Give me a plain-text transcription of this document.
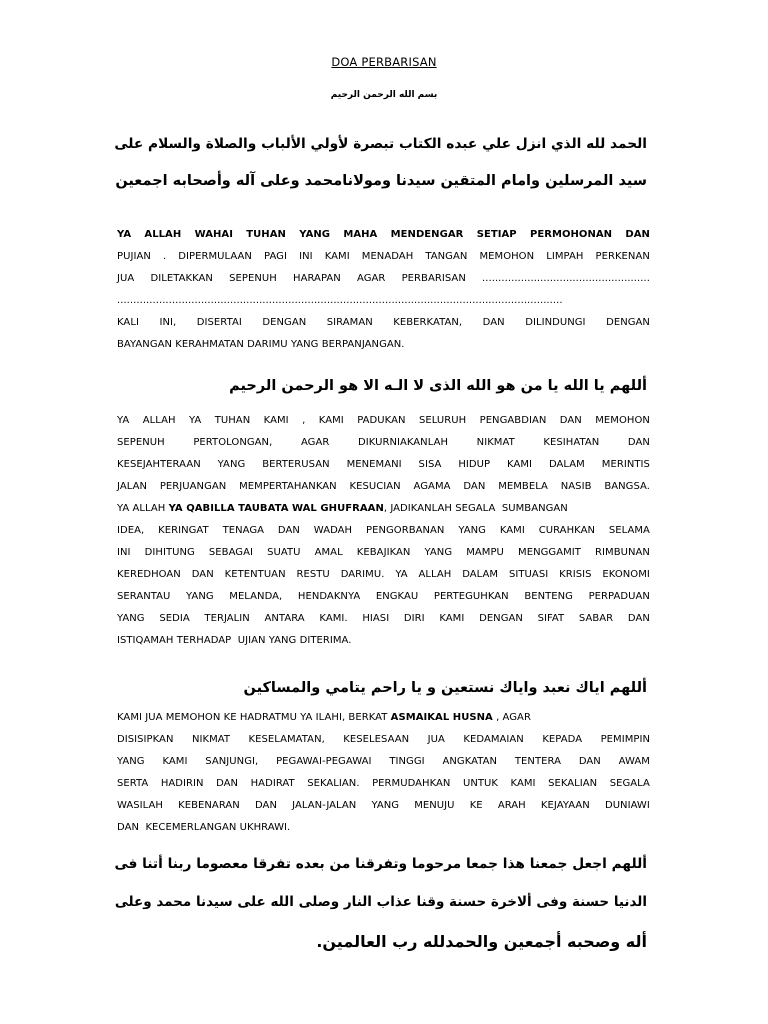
DOA PERBARISAN
بسم الله الرحمن الرحيم
الحمد لله الذي انزل علي عبده الكتاب تبصرة لأولي الألباب والصلاة والسلام على
سيد المرسلين وامام المتقين سيدنا ومولانامحمد وعلى آله وأصحابه اجمعين
YA ALLAH WAHAI TUHAN YANG MAHA MENDENGAR SETIAP PERMOHONAN DAN
PUJIAN . DIPERMULAAN PAGI INI KAMI MENADAH TANGAN MEMOHON LIMPAH PERKENAN
JUA DILETAKKAN SEPENUH HARAPAN AGAR PERBARISAN ....................................................
..........................................................................................................................................
KALI INI, DISERTAI DENGAN SIRAMAN KEBERKATAN, DAN DILINDUNGI DENGAN
BAYANGAN KERAHMATAN DARIMU YANG BERPANJANGAN.
أللهم يا الله يا من هو الله الذى لا الـه الا هو الرحمن الرحيم
YA ALLAH YA TUHAN KAMI , KAMI PADUKAN SELURUH PENGABDIAN DAN MEMOHON
SEPENUH	PERTOLONGAN,	AGAR	DIKURNIAKANLAH	NIKMAT	KESIHATAN	DAN
KESEJAHTERAAN YANG BERTERUSAN MENEMANI SISA HIDUP KAMI DALAM MERINTIS
JALAN PERJUANGAN MEMPERTAHANKAN KESUCIAN AGAMA DAN MEMBELA NASIB BANGSA.
YA ALLAH YA QABILLA TAUBATA WAL GHUFRAAN, JADIKANLAH SEGALA  SUMBANGAN
IDEA, KERINGAT TENAGA DAN WADAH PENGORBANAN YANG KAMI CURAHKAN SELAMA
INI DIHITUNG SEBAGAI SUATU AMAL KEBAJIKAN YANG MAMPU MENGGAMIT RIMBUNAN
KEREDHOAN DAN KETENTUAN RESTU DARIMU. YA ALLAH DALAM SITUASI KRISIS EKONOMI
SERANTAU YANG MELANDA, HENDAKNYA ENGKAU PERTEGUHKAN BENTENG PERPADUAN
YANG SEDIA TERJALIN ANTARA KAMI. HIASI DIRI KAMI DENGAN SIFAT SABAR DAN
ISTIQAMAH TERHADAP  UJIAN YANG DITERIMA.
أللهم اياك نعبد واياك نستعين و يا راحم يتامي والمساكين
KAMI JUA MEMOHON KE HADRATMU YA ILAHI, BERKAT ASMAIKAL HUSNA , AGAR
DISISIPKAN NIKMAT KESELAMATAN, KESELESAAN JUA KEDAMAIAN KEPADA PEMIMPIN
YANG KAMI SANJUNGI, PEGAWAI-PEGAWAI TINGGI ANGKATAN TENTERA DAN AWAM
SERTA HADIRIN DAN HADIRAT SEKALIAN. PERMUDAHKAN UNTUK KAMI SEKALIAN SEGALA
WASILAH KEBENARAN DAN JALAN-JALAN YANG MENUJU KE ARAH KEJAYAAN DUNIAWI
DAN  KECEMERLANGAN UKHRAWI.
أللهم اجعل جمعنا هذا جمعا مرحوما وتفرقنا من بعده تفرقا معصوما ربنا أتنا فى
الدنيا حسنة وفى ألاخرة حسنة وقنا عذاب النار وصلى الله على سيدنا محمد وعلى
أله وصحبه أجمعين والحمدلله رب العالمين.
